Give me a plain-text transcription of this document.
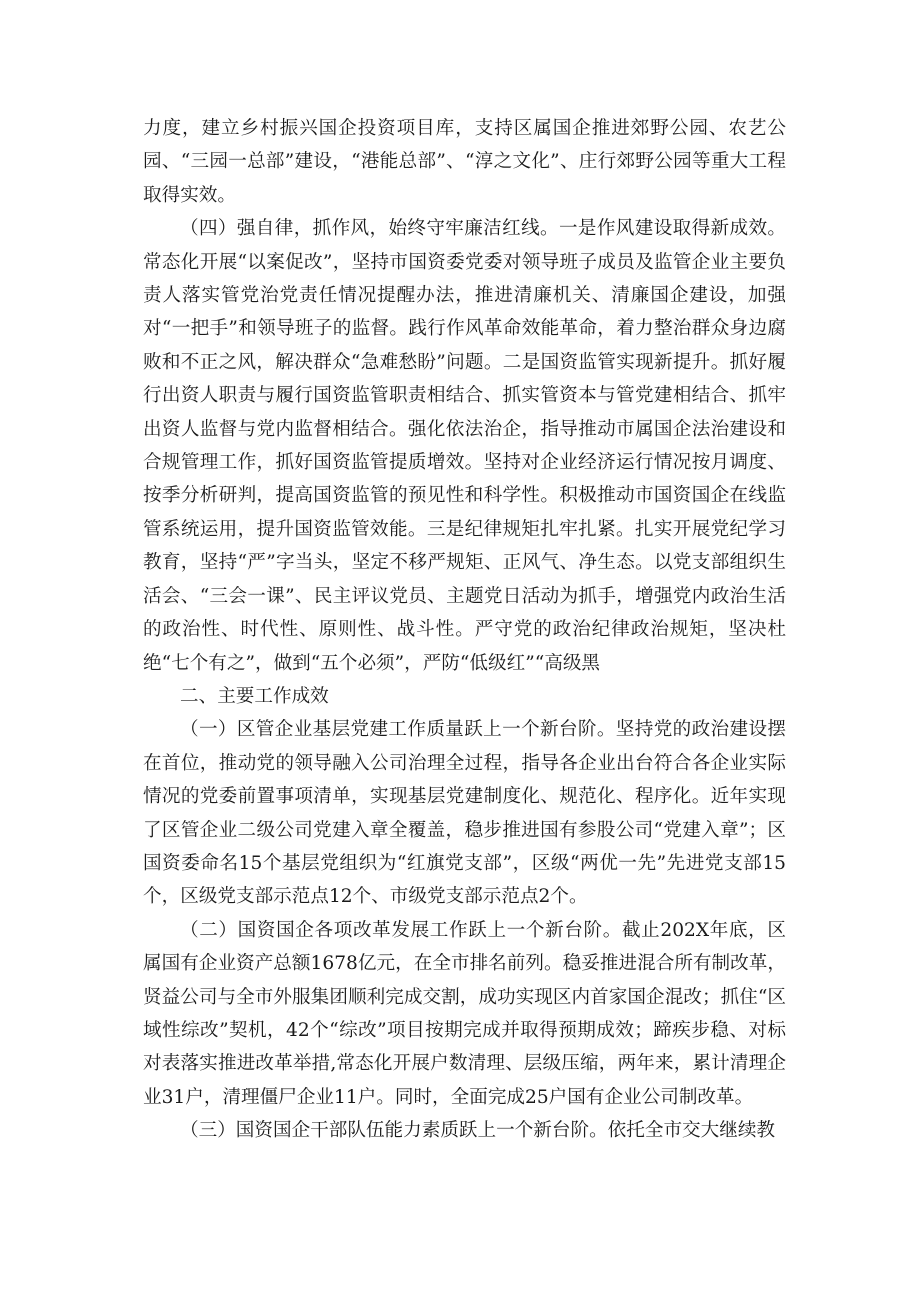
力度，建立乡村振兴国企投资项目库，支持区属国企推进郊野公园、农艺公园、“三园一总部”建设，“港能总部”、“淳之文化”、庄行郊野公园等重大工程取得实效。

（四）强自律，抓作风，始终守牢廉洁红线。一是作风建设取得新成效。常态化开展“以案促改”，坚持市国资委党委对领导班子成员及监管企业主要负责人落实管党治党责任情况提醒办法，推进清廉机关、清廉国企建设，加强对“一把手”和领导班子的监督。践行作风革命效能革命，着力整治群众身边腐败和不正之风，解决群众“急难愁盼”问题。二是国资监管实现新提升。抓好履行出资人职责与履行国资监管职责相结合、抓实管资本与管党建相结合、抓牢出资人监督与党内监督相结合。强化依法治企，指导推动市属国企法治建设和合规管理工作，抓好国资监管提质增效。坚持对企业经济运行情况按月调度、按季分析研判，提高国资监管的预见性和科学性。积极推动市国资国企在线监管系统运用，提升国资监管效能。三是纪律规矩扎牢扎紧。扎实开展党纪学习教育，坚持“严”字当头，坚定不移严规矩、正风气、净生态。以党支部组织生活会、“三会一课”、民主评议党员、主题党日活动为抓手，增强党内政治生活的政治性、时代性、原则性、战斗性。严守党的政治纪律政治规矩，坚决杜绝“七个有之”，做到“五个必须”，严防“低级红”“高级黑

二、主要工作成效

（一）区管企业基层党建工作质量跃上一个新台阶。坚持党的政治建设摆在首位，推动党的领导融入公司治理全过程，指导各企业出台符合各企业实际情况的党委前置事项清单，实现基层党建制度化、规范化、程序化。近年实现了区管企业二级公司党建入章全覆盖，稳步推进国有参股公司“党建入章”；区国资委命名15个基层党组织为“红旗党支部”，区级“两优一先”先进党支部15个，区级党支部示范点12个、市级党支部示范点2个。

（二）国资国企各项改革发展工作跃上一个新台阶。截止202X年底，区属国有企业资产总额1678亿元，在全市排名前列。稳妥推进混合所有制改革，贤益公司与全市外服集团顺利完成交割，成功实现区内首家国企混改；抓住“区域性综改”契机，42个“综改”项目按期完成并取得预期成效；蹄疾步稳、对标对表落实推进改革举措,常态化开展户数清理、层级压缩，两年来，累计清理企业31户，清理僵尸企业11户。同时，全面完成25户国有企业公司制改革。

（三）国资国企干部队伍能力素质跃上一个新台阶。依托全市交大继续教
